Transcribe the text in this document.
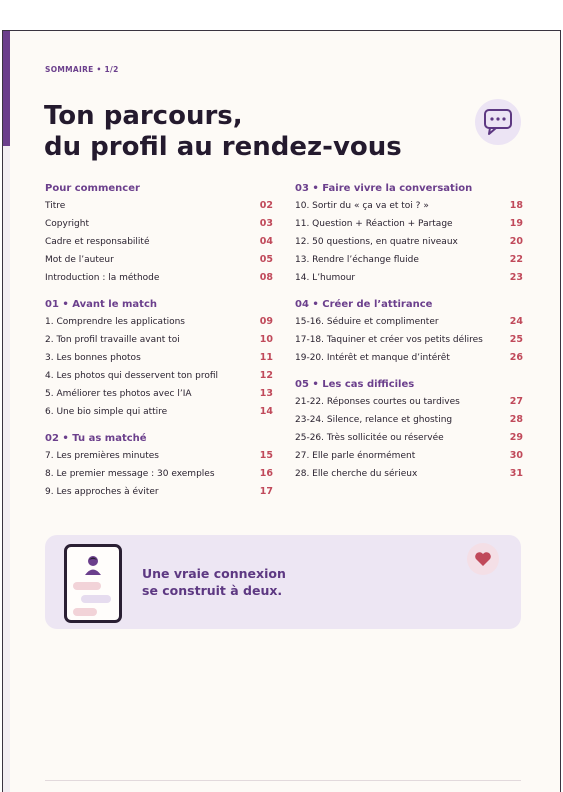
SOMMAIRE • 1/2
Ton parcours,
du profil au rendez-vous
Pour commencer
Titre	02
Copyright	03
Cadre et responsabilité	04
Mot de l’auteur	05
Introduction : la méthode	08
01 • Avant le match
1. Comprendre les applications	09
2. Ton profil travaille avant toi	10
3. Les bonnes photos	11
4. Les photos qui desservent ton profil	12
5. Améliorer tes photos avec l’IA	13
6. Une bio simple qui attire	14
02 • Tu as matché
7. Les premières minutes	15
8. Le premier message : 30 exemples	16
9. Les approches à éviter	17
03 • Faire vivre la conversation
10. Sortir du « ça va et toi ? »	18
11. Question + Réaction + Partage	19
12. 50 questions, en quatre niveaux	20
13. Rendre l’échange fluide	22
14. L’humour	23
04 • Créer de l’attirance
15-16. Séduire et complimenter	24
17-18. Taquiner et créer vos petits délires	25
19-20. Intérêt et manque d’intérêt	26
05 • Les cas difficiles
21-22. Réponses courtes ou tardives	27
23-24. Silence, relance et ghosting	28
25-26. Très sollicitée ou réservée	29
27. Elle parle énormément	30
28. Elle cherche du sérieux	31
Une vraie connexion
se construit à deux.
